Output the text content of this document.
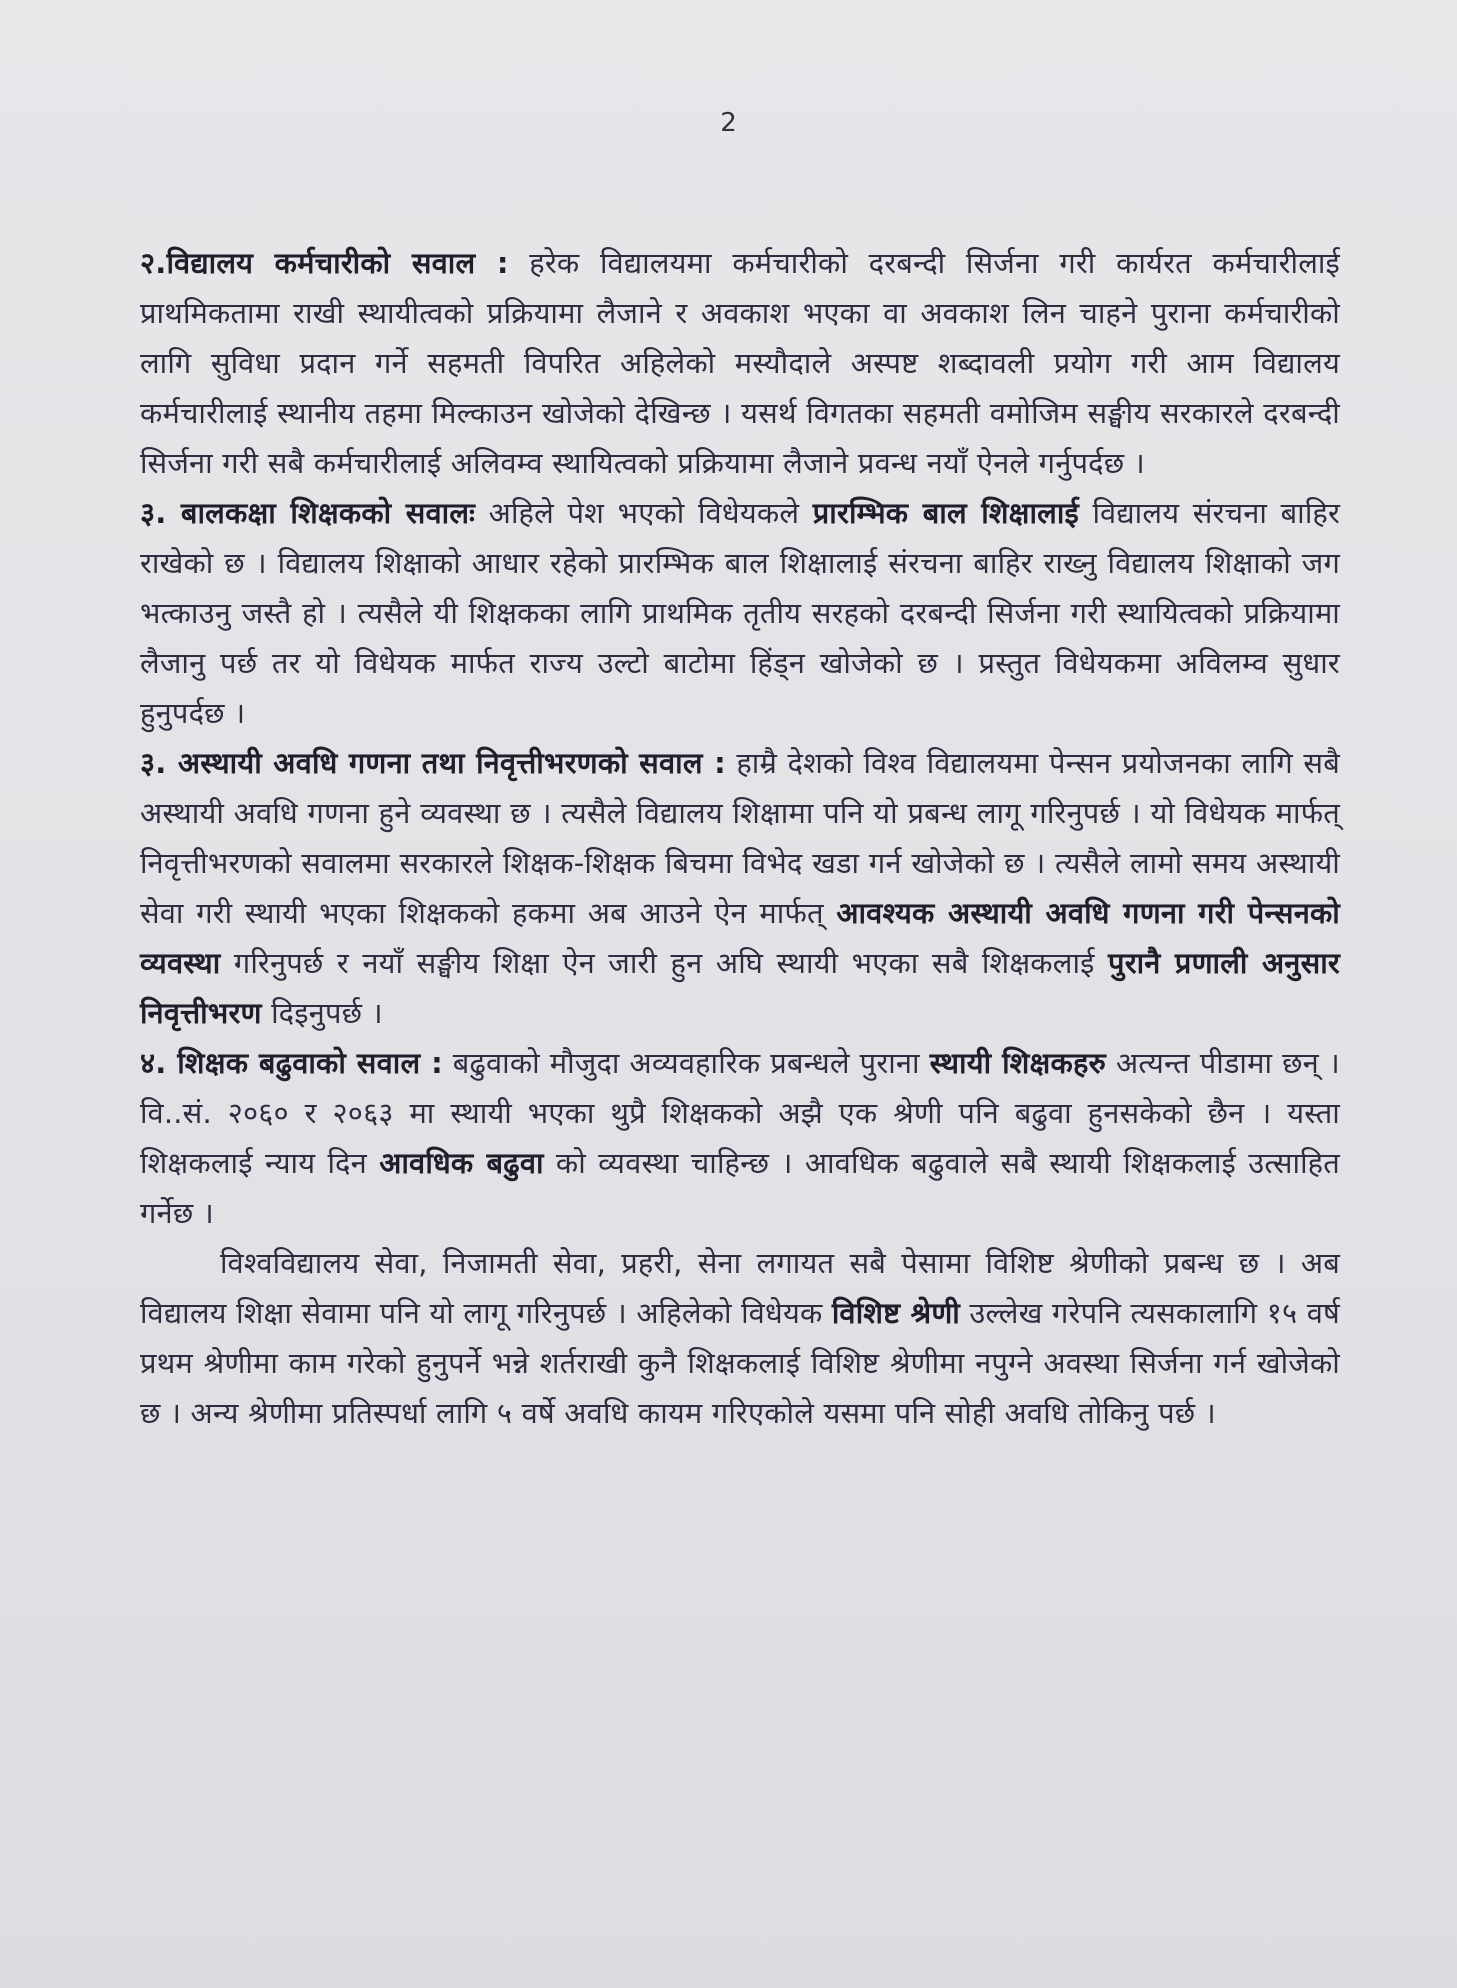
2

२.विद्यालय कर्मचारीको सवाल : हरेक विद्यालयमा कर्मचारीको दरबन्दी सिर्जना गरी कार्यरत कर्मचारीलाई प्राथमिकतामा राखी स्थायीत्वको प्रक्रियामा लैजाने र अवकाश भएका वा अवकाश लिन चाहने पुराना कर्मचारीको लागि सुविधा प्रदान गर्ने सहमती विपरित अहिलेको मस्यौदाले अस्पष्ट शब्दावली प्रयोग गरी आम विद्यालय कर्मचारीलाई स्थानीय तहमा मिल्काउन खोजेको देखिन्छ । यसर्थ विगतका सहमती वमोजिम सङ्घीय सरकारले दरबन्दी सिर्जना गरी सबै कर्मचारीलाई अलिवम्व स्थायित्वको प्रक्रियामा लैजाने प्रवन्ध नयाँ ऐनले गर्नुपर्दछ ।

३. बालकक्षा शिक्षकको सवालः अहिले पेश भएको विधेयकले प्रारम्भिक बाल शिक्षालाई विद्यालय संरचना बाहिर राखेको छ । विद्यालय शिक्षाको आधार रहेको प्रारम्भिक बाल शिक्षालाई संरचना बाहिर राख्नु विद्यालय शिक्षाको जग भत्काउनु जस्तै हो । त्यसैले यी शिक्षकका लागि प्राथमिक तृतीय सरहको दरबन्दी सिर्जना गरी स्थायित्वको प्रक्रियामा लैजानु पर्छ तर यो विधेयक मार्फत राज्य उल्टो बाटोमा हिंड्न खोजेको छ । प्रस्तुत विधेयकमा अविलम्व सुधार हुनुपर्दछ ।

३. अस्थायी अवधि गणना तथा निवृत्तीभरणको सवाल : हाम्रै देशको विश्व विद्यालयमा पेन्सन प्रयोजनका लागि सबै अस्थायी अवधि गणना हुने व्यवस्था छ । त्यसैले विद्यालय शिक्षामा पनि यो प्रबन्ध लागू गरिनुपर्छ । यो विधेयक मार्फत् निवृत्तीभरणको सवालमा सरकारले शिक्षक-शिक्षक बिचमा विभेद खडा गर्न खोजेको छ । त्यसैले लामो समय अस्थायी सेवा गरी स्थायी भएका शिक्षकको हकमा अब आउने ऐन मार्फत् आवश्यक अस्थायी अवधि गणना गरी पेन्सनको व्यवस्था गरिनुपर्छ र नयाँ सङ्घीय शिक्षा ऐन जारी हुन अघि स्थायी भएका सबै शिक्षकलाई पुरानै प्रणाली अनुसार निवृत्तीभरण दिइनुपर्छ ।

४. शिक्षक बढुवाको सवाल : बढुवाको मौजुदा अव्यवहारिक प्रबन्धले पुराना स्थायी शिक्षकहरु अत्यन्त पीडामा छन् । वि..सं. २०६० र २०६३ मा स्थायी भएका थुप्रै शिक्षकको अझै एक श्रेणी पनि बढुवा हुनसकेको छैन । यस्ता शिक्षकलाई न्याय दिन आवधिक बढुवा को व्यवस्था चाहिन्छ । आवधिक बढुवाले सबै स्थायी शिक्षकलाई उत्साहित गर्नेछ ।

विश्वविद्यालय सेवा, निजामती सेवा, प्रहरी, सेना लगायत सबै पेसामा विशिष्ट श्रेणीको प्रबन्ध छ । अब विद्यालय शिक्षा सेवामा पनि यो लागू गरिनुपर्छ । अहिलेको विधेयक विशिष्ट श्रेणी उल्लेख गरेपनि त्यसकालागि १५ वर्ष प्रथम श्रेणीमा काम गरेको हुनुपर्ने भन्ने शर्तराखी कुनै शिक्षकलाई विशिष्ट श्रेणीमा नपुग्ने अवस्था सिर्जना गर्न खोजेको छ । अन्य श्रेणीमा प्रतिस्पर्धा लागि ५ वर्षे अवधि कायम गरिएकोले यसमा पनि सोही अवधि तोकिनु पर्छ ।
